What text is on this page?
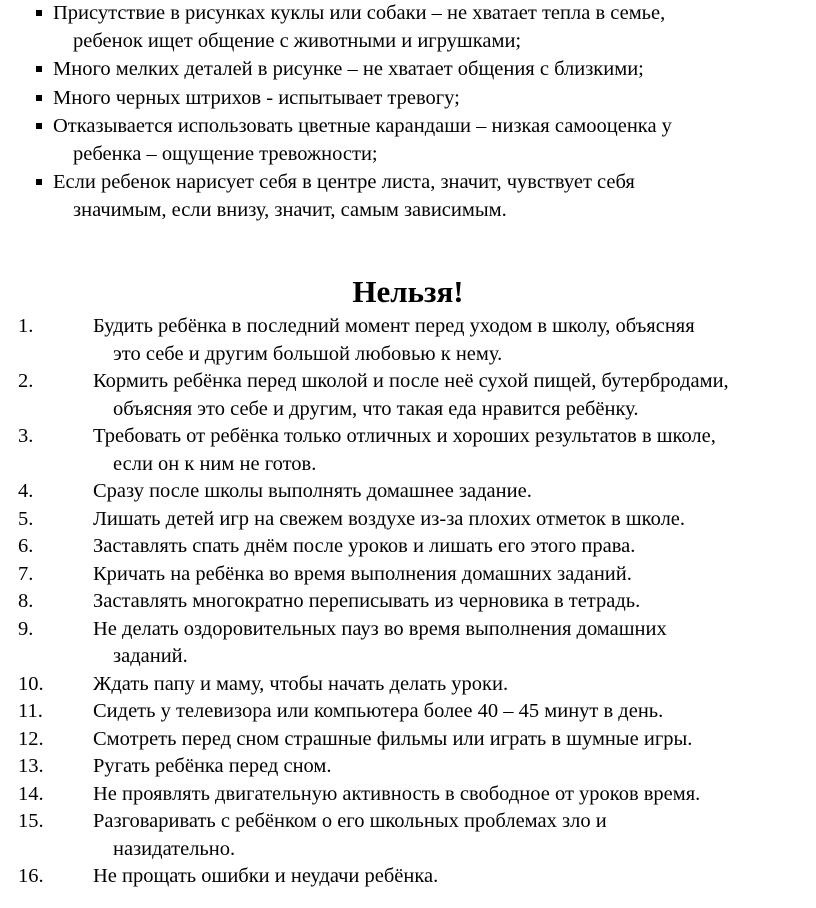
Присутствие в рисунках куклы или собаки – не хватает тепла в семье,
ребенок ищет общение с животными и игрушками;
Много мелких деталей в рисунке – не хватает общения с близкими;
Много черных штрихов - испытывает тревогу;
Отказывается использовать цветные карандаши – низкая самооценка у
ребенка – ощущение тревожности;
Если ребенок нарисует себя в центре листа, значит, чувствует себя
значимым, если внизу, значит, самым зависимым.
Нельзя!
1.	Будить ребёнка в последний момент перед уходом в школу, объясняя
это себе и другим большой любовью к нему.
2.	Кормить ребёнка перед школой и после неё сухой пищей, бутербродами,
объясняя это себе и другим, что такая еда нравится ребёнку.
3.	Требовать от ребёнка только отличных и хороших результатов в школе,
если он к ним не готов.
4.	Сразу после школы выполнять домашнее задание.
5.	Лишать детей игр на свежем воздухе из-за плохих отметок в школе.
6.	Заставлять спать днём после уроков и лишать его этого права.
7.	Кричать на ребёнка во время выполнения домашних заданий.
8.	Заставлять многократно переписывать из черновика в тетрадь.
9.	Не делать оздоровительных пауз во время выполнения домашних
заданий.
10.	Ждать папу и маму, чтобы начать делать уроки.
11.	Сидеть у телевизора или компьютера более 40 – 45 минут в день.
12.	Смотреть перед сном страшные фильмы или играть в шумные игры.
13.	Ругать ребёнка перед сном.
14.	Не проявлять двигательную активность в свободное от уроков время.
15.	Разговаривать с ребёнком о его школьных проблемах зло и
назидательно.
16.	Не прощать ошибки и неудачи ребёнка.
